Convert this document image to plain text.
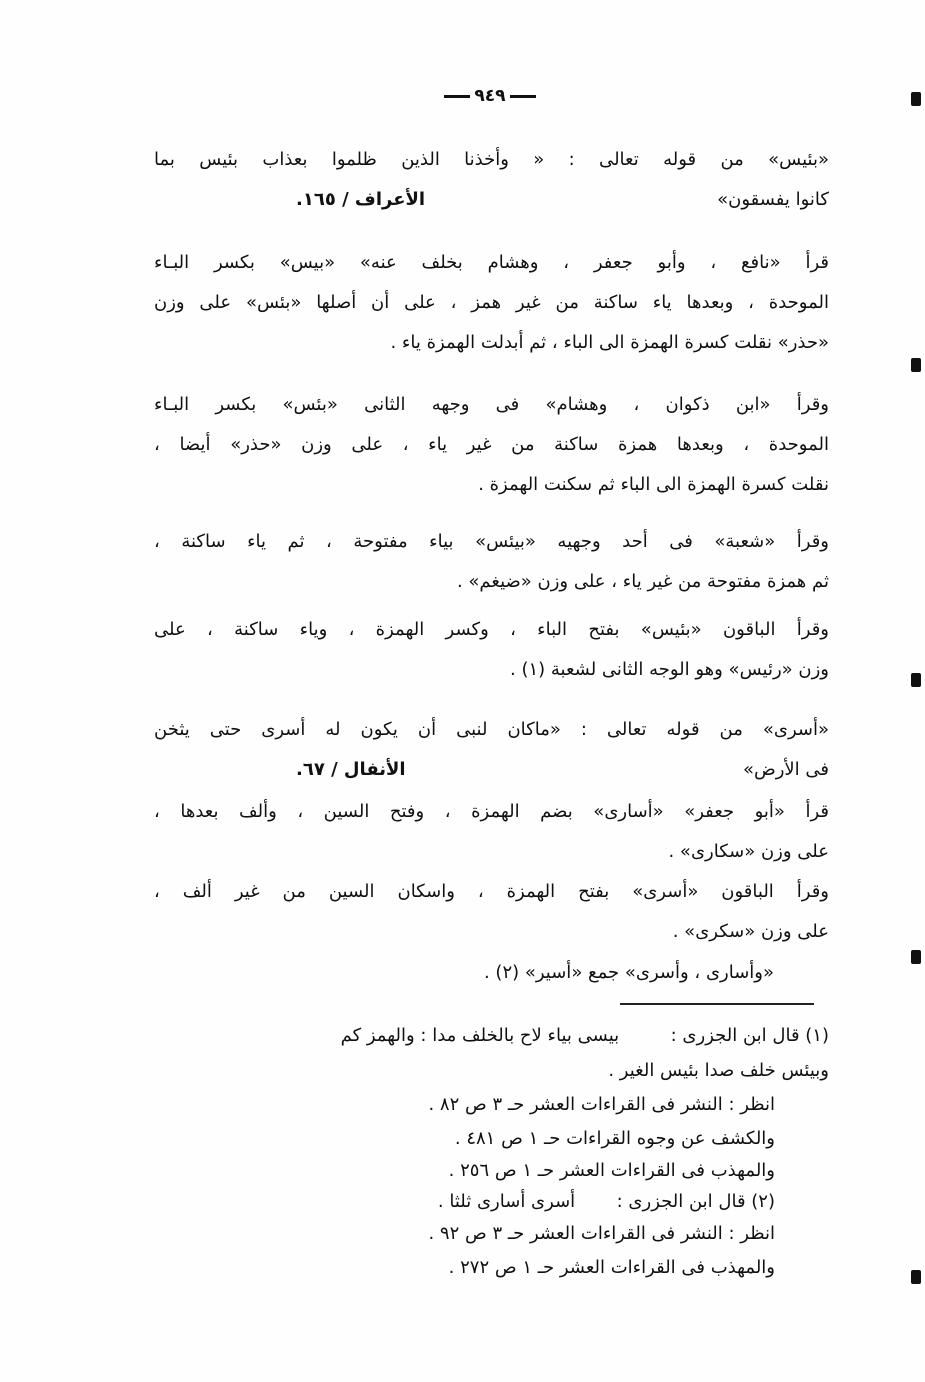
٩٤٩
«بئيس» من قوله تعالى : « وأخذنا الذين ظلموا بعذاب بئيس بما
كانوا يفسقون»
الأعراف / ١٦٥.
قرأ «نافع ، وأبو جعفر ، وهشام بخلف عنه» «بيس» بكسر البـاء
الموحدة ، وبعدها ياء ساكنة من غير همز ، على أن أصلها «بئس» على وزن
«حذر» نقلت كسرة الهمزة الى الباء ، ثم أبدلت الهمزة ياء .
وقرأ «ابن ذكوان ، وهشام» فى وجهه الثانى «بئس» بكسر البـاء
الموحدة ، وبعدها همزة ساكنة من غير ياء ، على وزن «حذر» أيضا ،
نقلت كسرة الهمزة الى الباء ثم سكنت الهمزة .
وقرأ «شعبة» فى أحد وجهيه «بيئس» بياء مفتوحة ، ثم ياء ساكنة ،
ثم همزة مفتوحة من غير ياء ، على وزن «ضيغم» .
وقرأ الباقون «بئيس» بفتح الباء ، وكسر الهمزة ، وياء ساكنة ، على
وزن «رئيس» وهو الوجه الثانى لشعبة (١) .
«أسرى» من قوله تعالى : «ماكان لنبى أن يكون له أسرى حتى يثخن
فى الأرض»
الأنفال / ٦٧.
قرأ «أبو جعفر» «أسارى» بضم الهمزة ، وفتح السين ، وألف بعدها ،
على وزن «سكارى» .
وقرأ الباقون «أسرى» بفتح الهمزة ، واسكان السين من غير ألف ،
على وزن «سكرى» .
«وأسارى ، وأسرى» جمع «أسير» (٢) .
(١) قال ابن الجزرى :  بيسى بياء لاح بالخلف مدا : والهمز كم
وبيئس خلف صدا بئيس الغير .
انظر : النشر فى القراءات العشر حـ ٣ ص ٨٢ .
والكشف عن وجوه القراءات حـ ١ ص ٤٨١ .
والمهذب فى القراءات العشر حـ ١ ص ٢٥٦ .
(٢) قال ابن الجزرى :  أسرى أسارى ثلثا .
انظر : النشر فى القراءات العشر حـ ٣ ص ٩٢ .
والمهذب فى القراءات العشر حـ ١ ص ٢٧٢ .
